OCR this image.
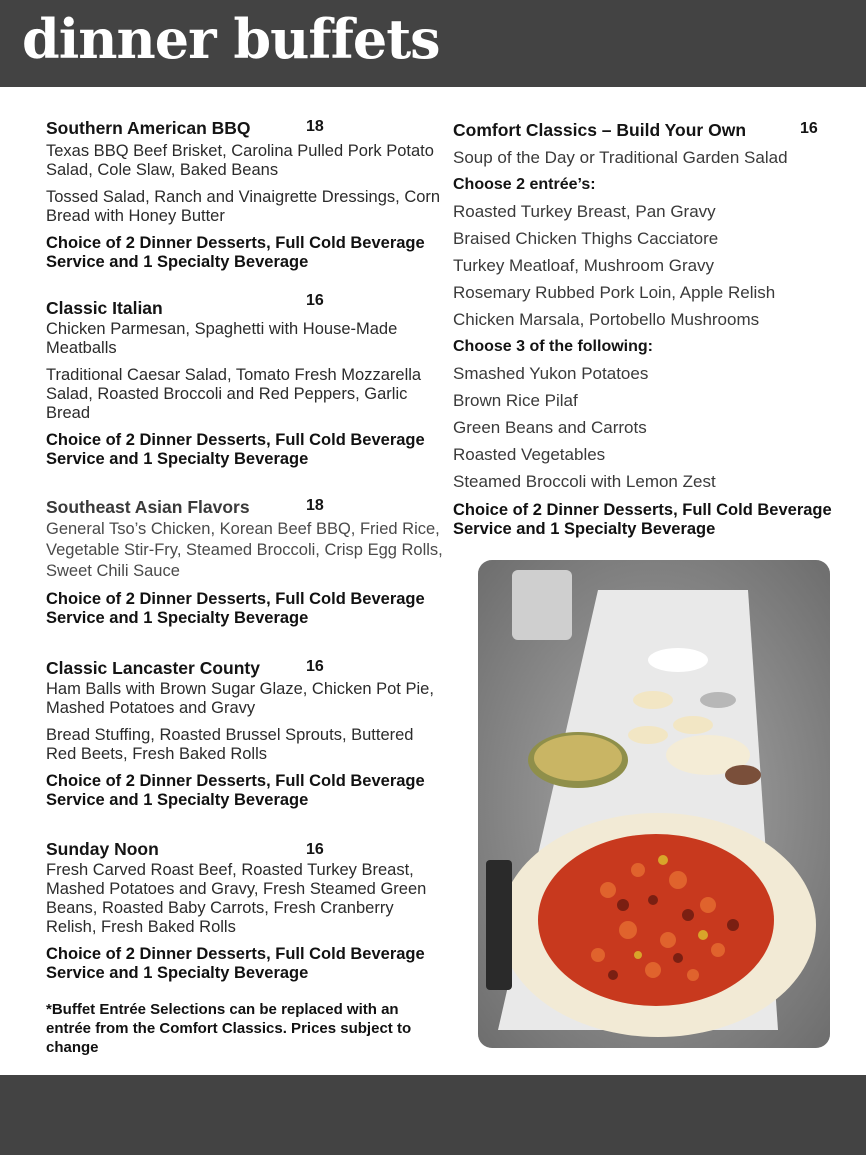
dinner buffets
Southern American BBQ	18
Texas BBQ Beef Brisket, Carolina Pulled Pork Potato Salad, Cole Slaw, Baked Beans
Tossed Salad, Ranch and Vinaigrette Dressings, Corn Bread with Honey Butter
Choice of 2 Dinner Desserts, Full Cold Beverage Service and 1 Specialty Beverage
Classic Italian	16
Chicken Parmesan, Spaghetti with House-Made Meatballs
Traditional Caesar Salad, Tomato Fresh Mozzarella Salad, Roasted Broccoli and Red Peppers, Garlic Bread
Choice of 2 Dinner Desserts, Full Cold Beverage Service and 1 Specialty Beverage
Southeast Asian Flavors	18
General Tso’s Chicken, Korean Beef BBQ, Fried Rice, Vegetable Stir-Fry, Steamed Broccoli, Crisp Egg Rolls, Sweet Chili Sauce
Choice of 2 Dinner Desserts, Full Cold Beverage Service and 1 Specialty Beverage
Classic Lancaster County	16
Ham Balls with Brown Sugar Glaze, Chicken Pot Pie, Mashed Potatoes and Gravy
Bread Stuffing, Roasted Brussel Sprouts, Buttered Red Beets, Fresh Baked Rolls
Choice of 2 Dinner Desserts, Full Cold Beverage Service and 1 Specialty Beverage
Sunday Noon	16
Fresh Carved Roast Beef, Roasted Turkey Breast, Mashed Potatoes and Gravy, Fresh Steamed Green Beans, Roasted Baby Carrots, Fresh Cranberry Relish, Fresh Baked Rolls
Choice of 2 Dinner Desserts, Full Cold Beverage Service and 1 Specialty Beverage
*Buffet Entrée Selections can be replaced with an entrée from the Comfort Classics. Prices subject to change
Comfort Classics – Build Your Own	16
Soup of the Day or Traditional Garden Salad
Choose 2 entrée’s:
Roasted Turkey Breast, Pan Gravy
Braised Chicken Thighs Cacciatore
Turkey Meatloaf, Mushroom Gravy
Rosemary Rubbed Pork Loin, Apple Relish
Chicken Marsala, Portobello Mushrooms
Choose 3 of the following:
Smashed Yukon Potatoes
Brown Rice Pilaf
Green Beans and Carrots
Roasted Vegetables
Steamed Broccoli with Lemon Zest
Choice of 2 Dinner Desserts, Full Cold Beverage Service and 1 Specialty Beverage
